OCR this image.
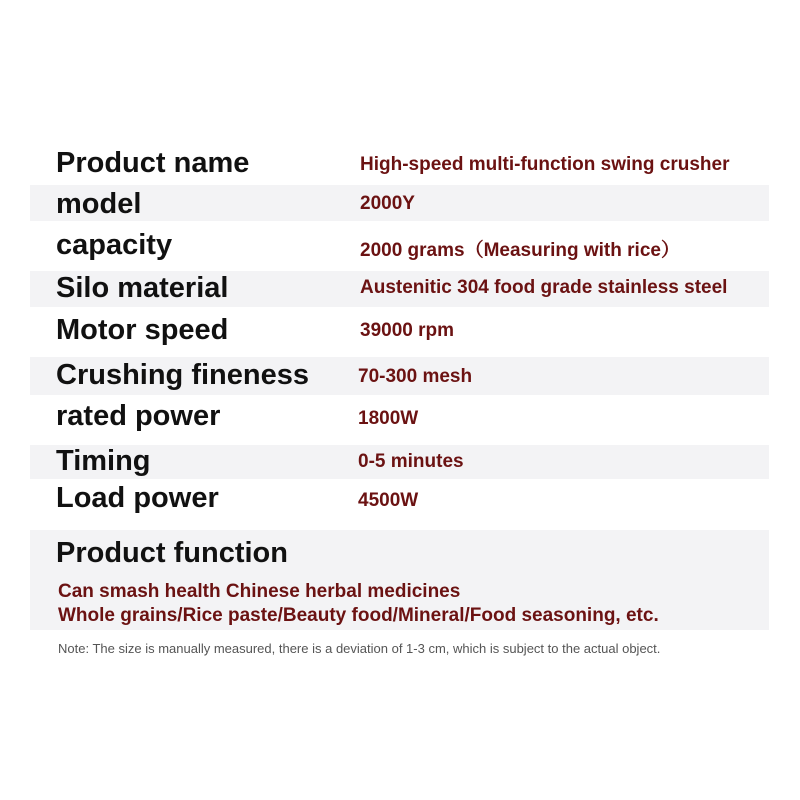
Product name	High-speed multi-function swing crusher
model	2000Y
capacity	2000 grams（Measuring with rice）
Silo material	Austenitic 304 food grade stainless steel
Motor speed	39000 rpm
Crushing fineness	70-300 mesh
rated power	1800W
Timing	0-5 minutes
Load power	4500W
Product function
Can smash health Chinese herbal medicines
Whole grains/Rice paste/Beauty food/Mineral/Food seasoning, etc.
Note: The size is manually measured, there is a deviation of 1-3 cm, which is subject to the actual object.
